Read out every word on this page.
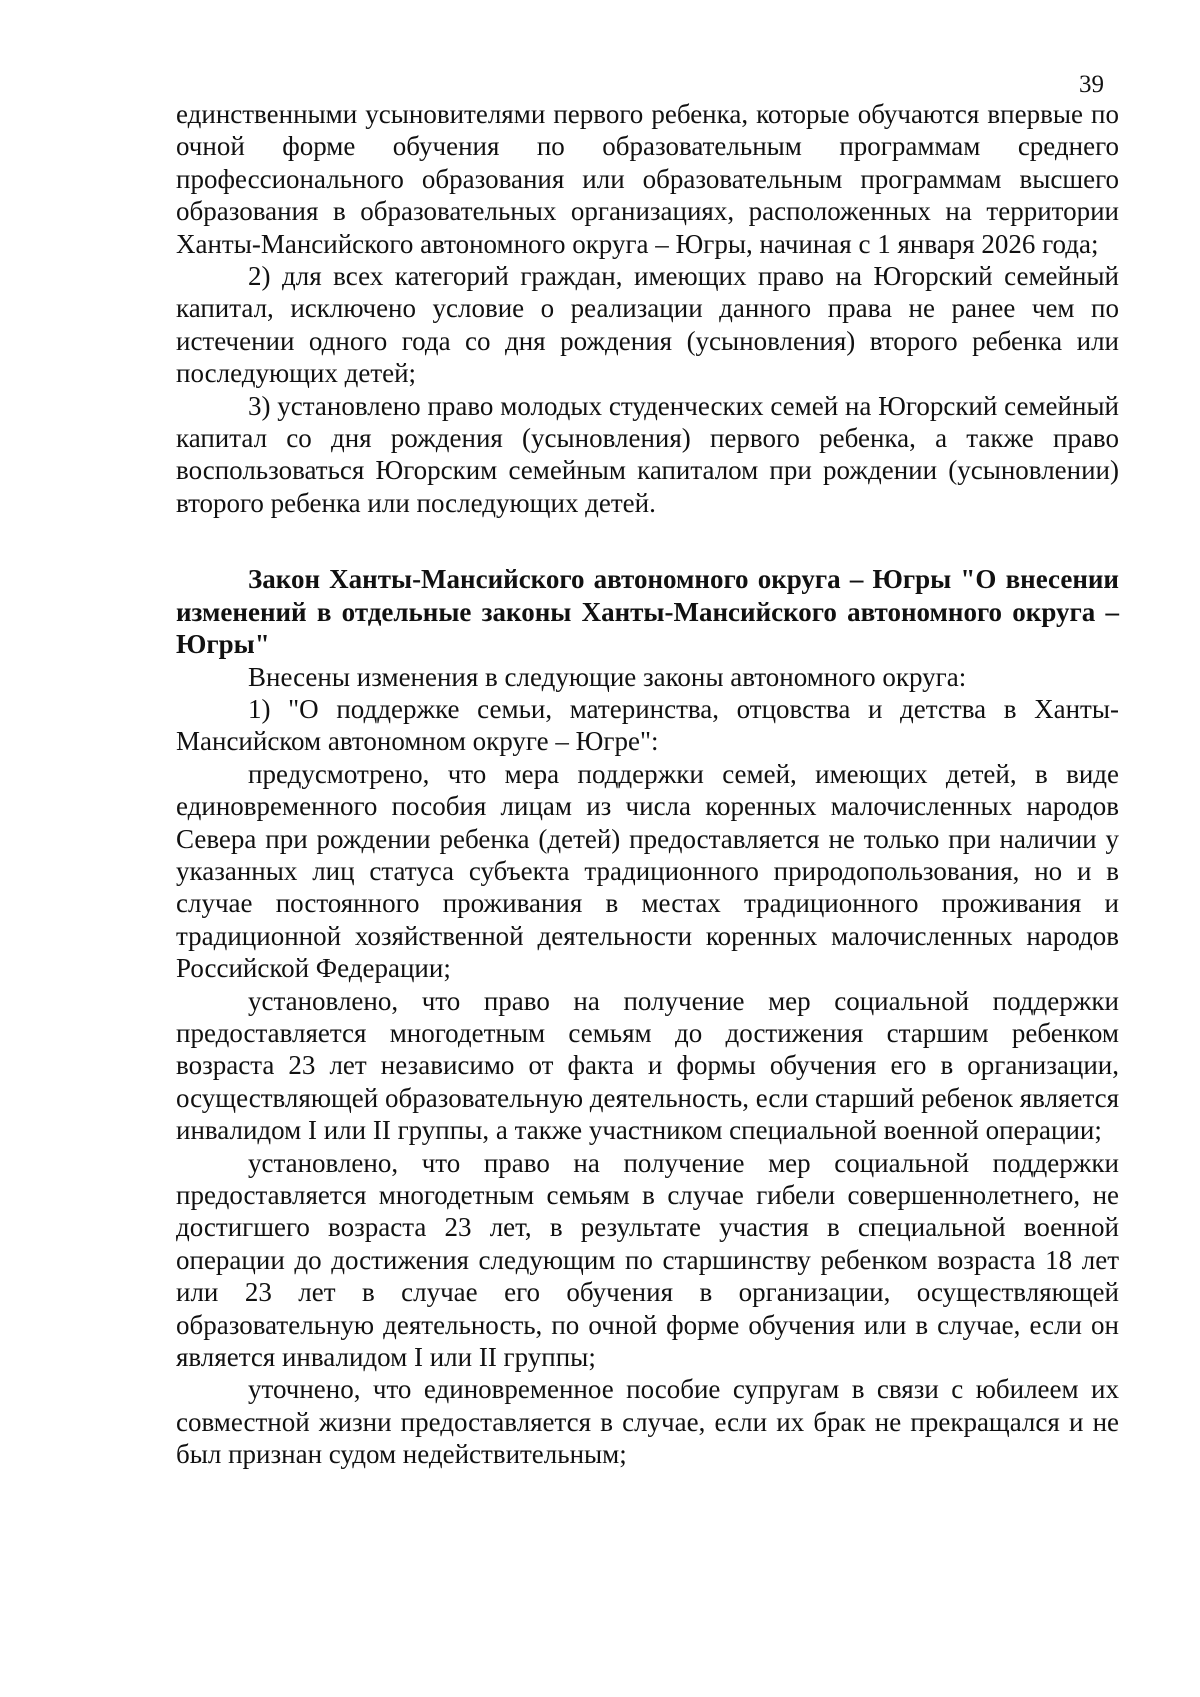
39

единственными усыновителями первого ребенка, которые обучаются впервые по очной форме обучения по образовательным программам среднего профессионального образования или образовательным программам высшего образования в образовательных организациях, расположенных на территории Ханты-Мансийского автономного округа – Югры, начиная с 1 января 2026 года;

2) для всех категорий граждан, имеющих право на Югорский семейный капитал, исключено условие о реализации данного права не ранее чем по истечении одного года со дня рождения (усыновления) второго ребенка или последующих детей;

3) установлено право молодых студенческих семей на Югорский семейный капитал со дня рождения (усыновления) первого ребенка, а также право воспользоваться Югорским семейным капиталом при рождении (усыновлении) второго ребенка или последующих детей.

Закон Ханты-Мансийского автономного округа – Югры "О внесении изменений в отдельные законы Ханты-Мансийского автономного округа – Югры"

Внесены изменения в следующие законы автономного округа:

1) "О поддержке семьи, материнства, отцовства и детства в Ханты-Мансийском автономном округе – Югре":

предусмотрено, что мера поддержки семей, имеющих детей, в виде единовременного пособия лицам из числа коренных малочисленных народов Севера при рождении ребенка (детей) предоставляется не только при наличии у указанных лиц статуса субъекта традиционного природопользования, но и в случае постоянного проживания в местах традиционного проживания и традиционной хозяйственной деятельности коренных малочисленных народов Российской Федерации;

установлено, что право на получение мер социальной поддержки предоставляется многодетным семьям до достижения старшим ребенком возраста 23 лет независимо от факта и формы обучения его в организации, осуществляющей образовательную деятельность, если старший ребенок является инвалидом I или II группы, а также участником специальной военной операции;

установлено, что право на получение мер социальной поддержки предоставляется многодетным семьям в случае гибели совершеннолетнего, не достигшего возраста 23 лет, в результате участия в специальной военной операции до достижения следующим по старшинству ребенком возраста 18 лет или 23 лет в случае его обучения в организации, осуществляющей образовательную деятельность, по очной форме обучения или в случае, если он является инвалидом I или II группы;

уточнено, что единовременное пособие супругам в связи с юбилеем их совместной жизни предоставляется в случае, если их брак не прекращался и не был признан судом недействительным;
